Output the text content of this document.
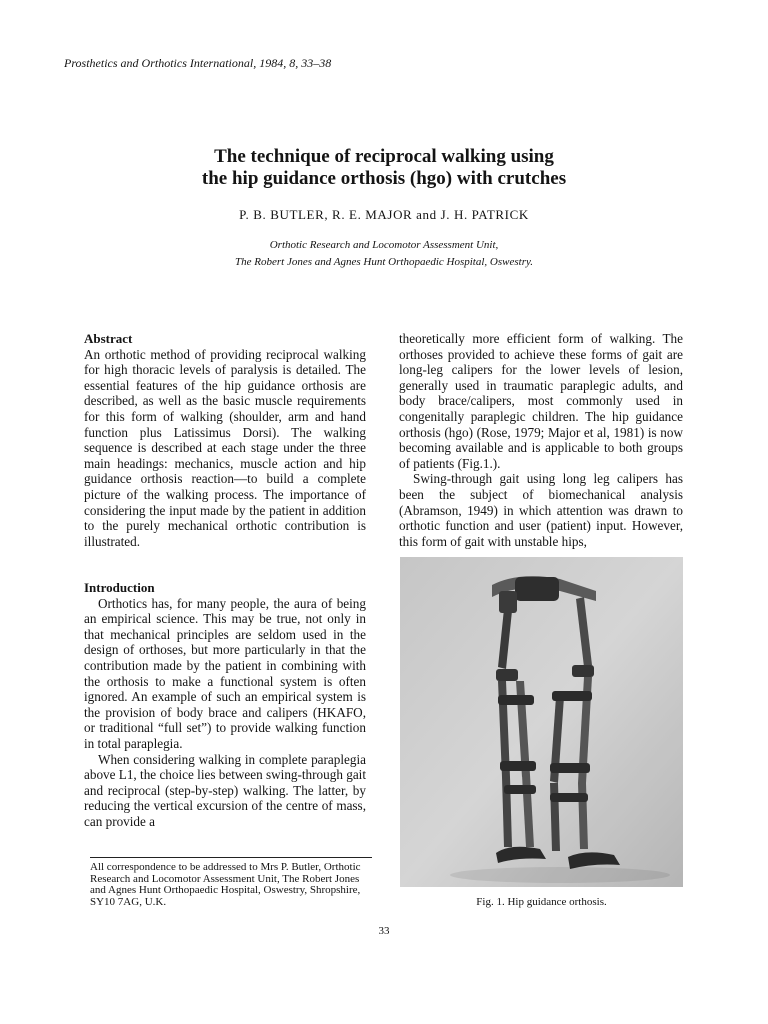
Prosthetics and Orthotics International, 1984, 8, 33–38
The technique of reciprocal walking using
the hip guidance orthosis (hgo) with crutches
P. B. BUTLER, R. E. MAJOR and J. H. PATRICK
Orthotic Research and Locomotor Assessment Unit,
The Robert Jones and Agnes Hunt Orthopaedic Hospital, Oswestry.
Abstract

An orthotic method of providing reciprocal walking for high thoracic levels of paralysis is detailed. The essential features of the hip guidance orthosis are described, as well as the basic muscle requirements for this form of walking (shoulder, arm and hand function plus Latissimus Dorsi). The walking sequence is described at each stage under the three main headings: mechanics, muscle action and hip guidance orthosis reaction—to build a complete picture of the walking process. The importance of considering the input made by the patient in addition to the purely mechanical orthotic contribution is illustrated.

Introduction

Orthotics has, for many people, the aura of being an empirical science. This may be true, not only in that mechanical principles are seldom used in the design of orthoses, but more particularly in that the contribution made by the patient in combining with the orthosis to make a functional system is often ignored. An example of such an empirical system is the provision of body brace and calipers (HKAFO, or traditional “full set”) to provide walking function in total paraplegia.

When considering walking in complete paraplegia above L1, the choice lies between swing-through gait and reciprocal (step-by-step) walking. The latter, by reducing the vertical excursion of the centre of mass, can provide a

theoretically more efficient form of walking. The orthoses provided to achieve these forms of gait are long-leg calipers for the lower levels of lesion, generally used in traumatic paraplegic adults, and body brace/calipers, most commonly used in congenitally paraplegic children. The hip guidance orthosis (hgo) (Rose, 1979; Major et al, 1981) is now becoming available and is applicable to both groups of patients (Fig.1.).

Swing-through gait using long leg calipers has been the subject of biomechanical analysis (Abramson, 1949) in which attention was drawn to orthotic function and user (patient) input. However, this form of gait with unstable hips,

Fig. 1. Hip guidance orthosis.
All correspondence to be addressed to Mrs P. Butler, Orthotic Research and Locomotor Assessment Unit, The Robert Jones and Agnes Hunt Orthopaedic Hospital, Oswestry, Shropshire, SY10 7AG, U.K.
33
